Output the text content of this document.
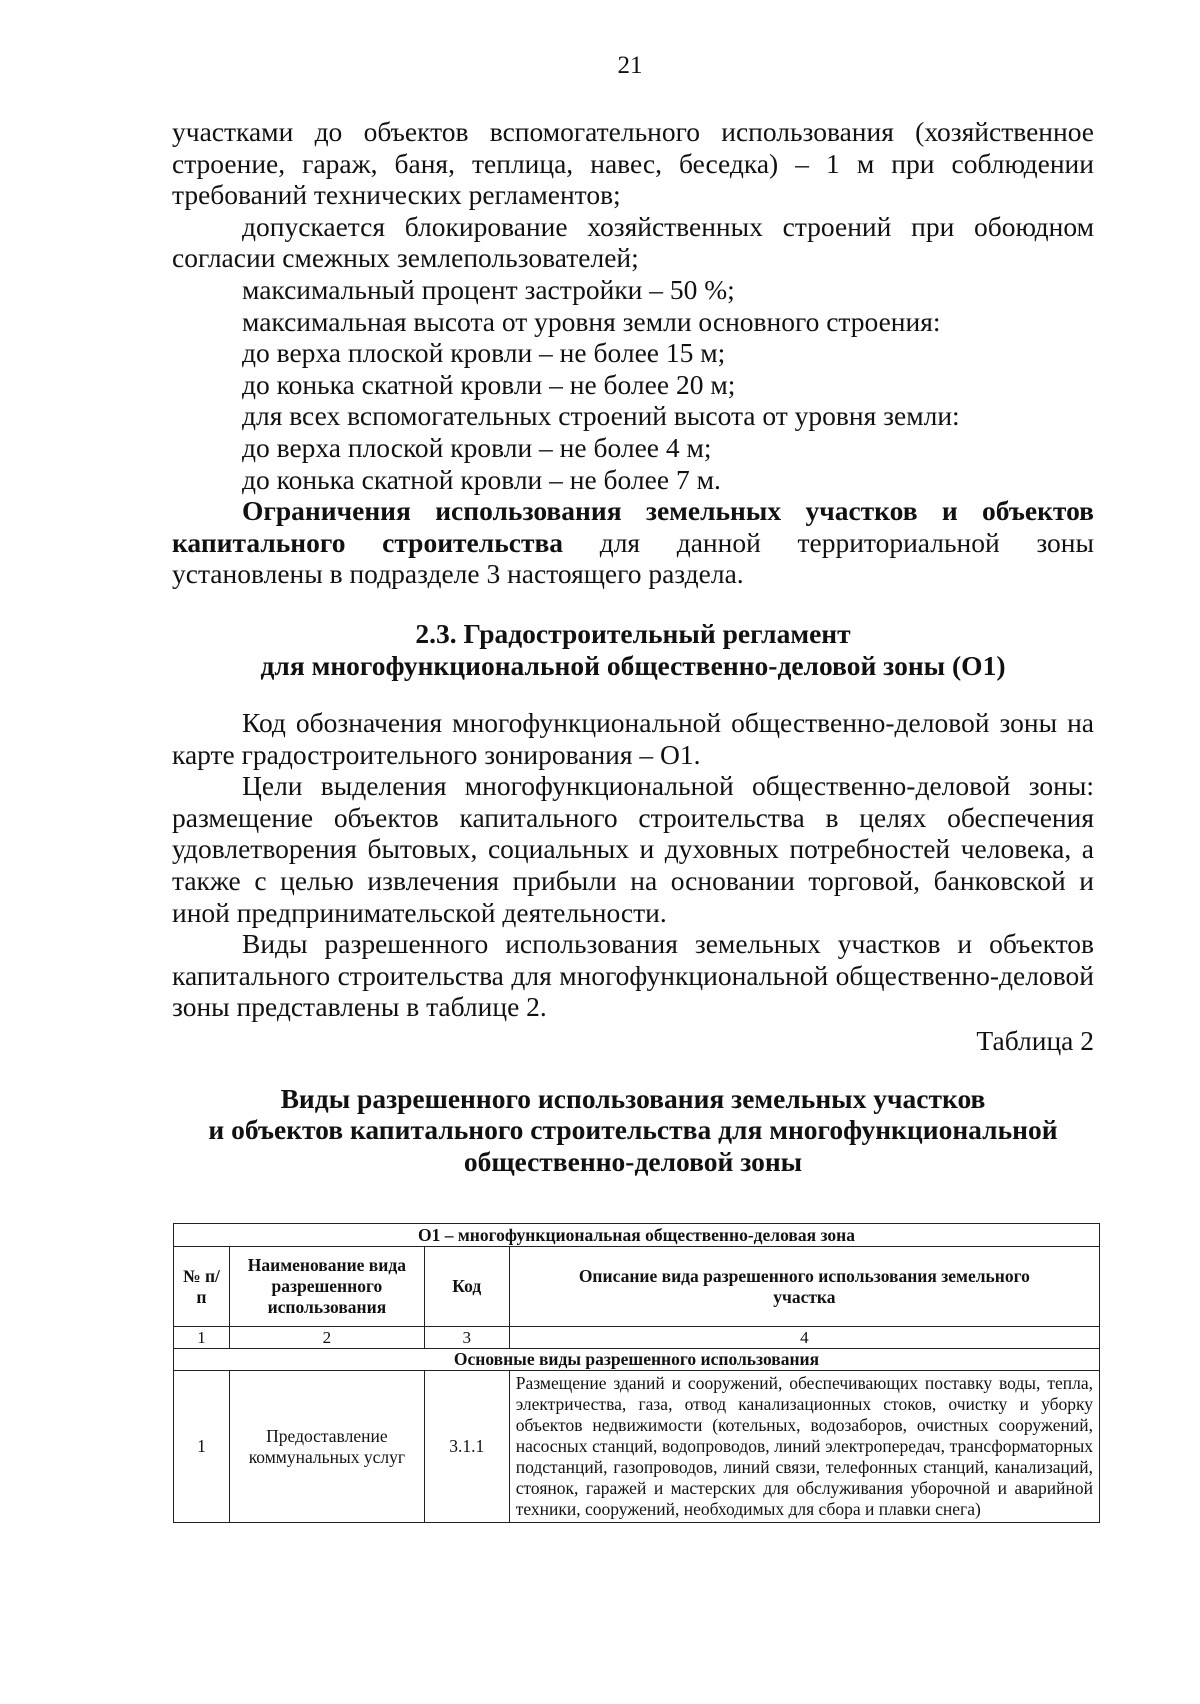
21

участками до объектов вспомогательного использования (хозяйственное строение, гараж, баня, теплица, навес, беседка) – 1 м при соблюдении требований технических регламентов;

допускается блокирование хозяйственных строений при обоюдном согласии смежных землепользователей;

максимальный процент застройки – 50 %;

максимальная высота от уровня земли основного строения:

до верха плоской кровли – не более 15 м;

до конька скатной кровли – не более 20 м;

для всех вспомогательных строений высота от уровня земли:

до верха плоской кровли – не более 4 м;

до конька скатной кровли – не более 7 м.

Ограничения использования земельных участков и объектов капитального строительства для данной территориальной зоны установлены в подразделе 3 настоящего раздела.

2.3. Градостроительный регламент
для многофункциональной общественно-деловой зоны (О1)

Код обозначения многофункциональной общественно-деловой зоны на карте градостроительного зонирования – О1.

Цели выделения многофункциональной общественно-деловой зоны: размещение объектов капитального строительства в целях обеспечения удовлетворения бытовых, социальных и духовных потребностей человека, а также с целью извлечения прибыли на основании торговой, банковской и иной предпринимательской деятельности.

Виды разрешенного использования земельных участков и объектов капитального строительства для многофункциональной общественно-деловой зоны представлены в таблице 2.

Таблица 2

Виды разрешенного использования земельных участков
и объектов капитального строительства для многофункциональной
общественно-деловой зоны

О1 – многофункциональная общественно-деловая зона			
№ п/п	Наименование вида разрешенного использования	Код	Описание вида разрешенного использования земельного участка
1	2	3	4
Основные виды разрешенного использования			
1	Предоставление коммунальных услуг	3.1.1	Размещение зданий и сооружений, обеспечивающих поставку воды, тепла, электричества, газа, отвод канализационных стоков, очистку и уборку объектов недвижимости (котельных, водозаборов, очистных сооружений, насосных станций, водопроводов, линий электропередач, трансформаторных подстанций, газопроводов, линий связи, телефонных станций, канализаций, стоянок, гаражей и мастерских для обслуживания уборочной и аварийной техники, сооружений, необходимых для сбора и плавки снега)
